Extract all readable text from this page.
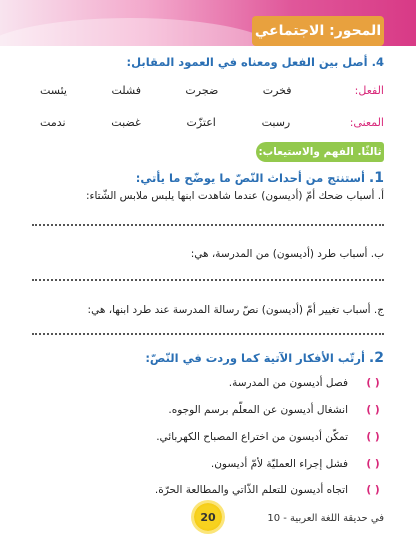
المحور: الاجتماعي
4. أصل بين الفعل ومعناه في العمود المقابل:
الفعل:
فخرت
ضجرت
فشلت
يئست
المعنى:
رسبت
اعتزّت
غضبت
ندمت
ثالثًا. الفهم والاستيعاب:
1. أستنتج من أحداث النّصّ ما يوضّح ما يأتي:
أ. أسباب ضحك أمّ (أديسون) عندما شاهدت ابنها يلبس ملابس الشّتاء:
ب. أسباب طرد (أديسون) من المدرسة، هي:
ج. أسباب تغيير أمّ (أديسون) نصّ رسالة المدرسة عند طرد ابنها، هي:
2. أرتّب الأفكار الآتية كما وردت في النّصّ:
( )
فصل أديسون من المدرسة.
( )
انشغال أديسون عن المعلّم برسم الوجوه.
( )
تمكّن أديسون من اختراع المصباح الكهربائي.
( )
فشل إجراء العمليّة لأمّ أديسون.
( )
اتجاه أديسون للتعلم الذّاتي والمطالعة الحرّة.
في حديقة اللغة العربية - 10
20
